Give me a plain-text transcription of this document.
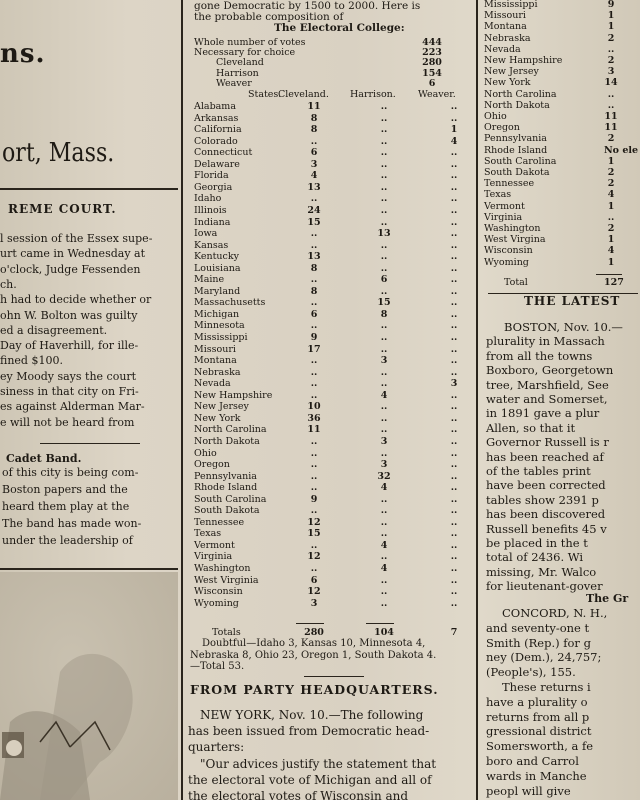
ns.
ort, Mass.
REME COURT.
l session of the Essex supe-
urt came in Wednesday at
o'clock, Judge Fessenden
ch.
h had to decide whether or
ohn W. Bolton was guilty
ed a disagreement.
Day of Haverhill, for ille-
fined $100.
ey Moody says the court
siness in that city on Fri-
es against Alderman Mar-
e will not be heard from
Cadet Band.
of this city is being com-
Boston papers and the
heard them play at the
The band has made won-
under the leadership of
gone Democratic by 1500 to 2000. Here is
the probable composition of
The Electoral College:
Whole number of votes	444
Necessary for choice	223
Cleveland	280
Harrison	154
Weaver	6
States.
Cleveland. Harrison. Weaver.
Alabama	11	..	..
Arkansas	8	..	..
California	8	..	1
Colorado	..	..	4
Connecticut	6	..	..
Delaware	3	..	..
Florida	4	..	..
Georgia	13	..	..
Idaho	..	..	..
Illinois	24	..	..
Indiana	15	..	..
Iowa	..	13	..
Kansas	..	..	..
Kentucky	13	..	..
Louisiana	8	..	..
Maine	..	6	..
Maryland	8	..	..
Massachusetts	..	15	..
Michigan	6	8	..
Minnesota	..	..	..
Mississippi	9	..	..
Missouri	17	..	..
Montana	..	3	..
Nebraska	..	..	..
Nevada	..	..	3
New Hampshire	..	4	..
New Jersey	10	..	..
New York	36	..	..
North Carolina	11	..	..
North Dakota	..	3	..
Ohio	..	..	..
Oregon	..	3	..
Pennsylvania	..	32	..
Rhode Island	..	4	..
South Carolina	9	..	..
South Dakota	..	..	..
Tennessee	12	..	..
Texas	15	..	..
Vermont	..	4	..
Virginia	12	..	..
Washington	..	4	..
West Virginia	6	..	..
Wisconsin	12	..	..
Wyoming	3	..	..
Totals	280	104	7
Doubtful—Idaho 3, Kansas 10, Minnesota 4,
Nebraska 8, Ohio 23, Oregon 1, South Dakota 4.
—Total 53.
FROM PARTY HEADQUARTERS.
NEW YORK, Nov. 10.—The following
has been issued from Democratic head-
quarters:
"Our advices justify the statement that
the electoral vote of Michigan and all of
the electoral votes of Wisconsin and
Mississippi	9
Missouri	1
Montana	1
Nebraska	2
Nevada	..
New Hampshire	2
New Jersey	3
New York	14
North Carolina	..
North Dakota	..
Ohio	11
Oregon	11
Pennsylvania	2
Rhode Island	No ele
South Carolina	1
South Dakota	2
Tennessee	2
Texas	4
Vermont	1
Virginia	..
Washington	2
West Virgina	1
Wisconsin	4
Wyoming	1
Total	127
THE LATEST
BOSTON, Nov. 10.—
plurality in Massach
from all the towns
Boxboro, Georgetown
tree, Marshfield, See
water and Somerset,
in 1891 gave a plur
Allen, so that it
Governor Russell is r
has been reached af
of the tables print
have been corrected
tables show 2391 p
has been discovered
Russell benefits 45 v
be placed in the t
total of 2436. Wi
missing, Mr. Walco
for lieutenant-gover
The Gr
CONCORD, N. H.,
and seventy-one t
Smith (Rep.) for g
ney (Dem.), 24,757;
(People's), 155.
These returns i
have a plurality o
returns from all p
gressional district
Somersworth, a fe
boro and Carrol
wards in Manche
peopl will give
